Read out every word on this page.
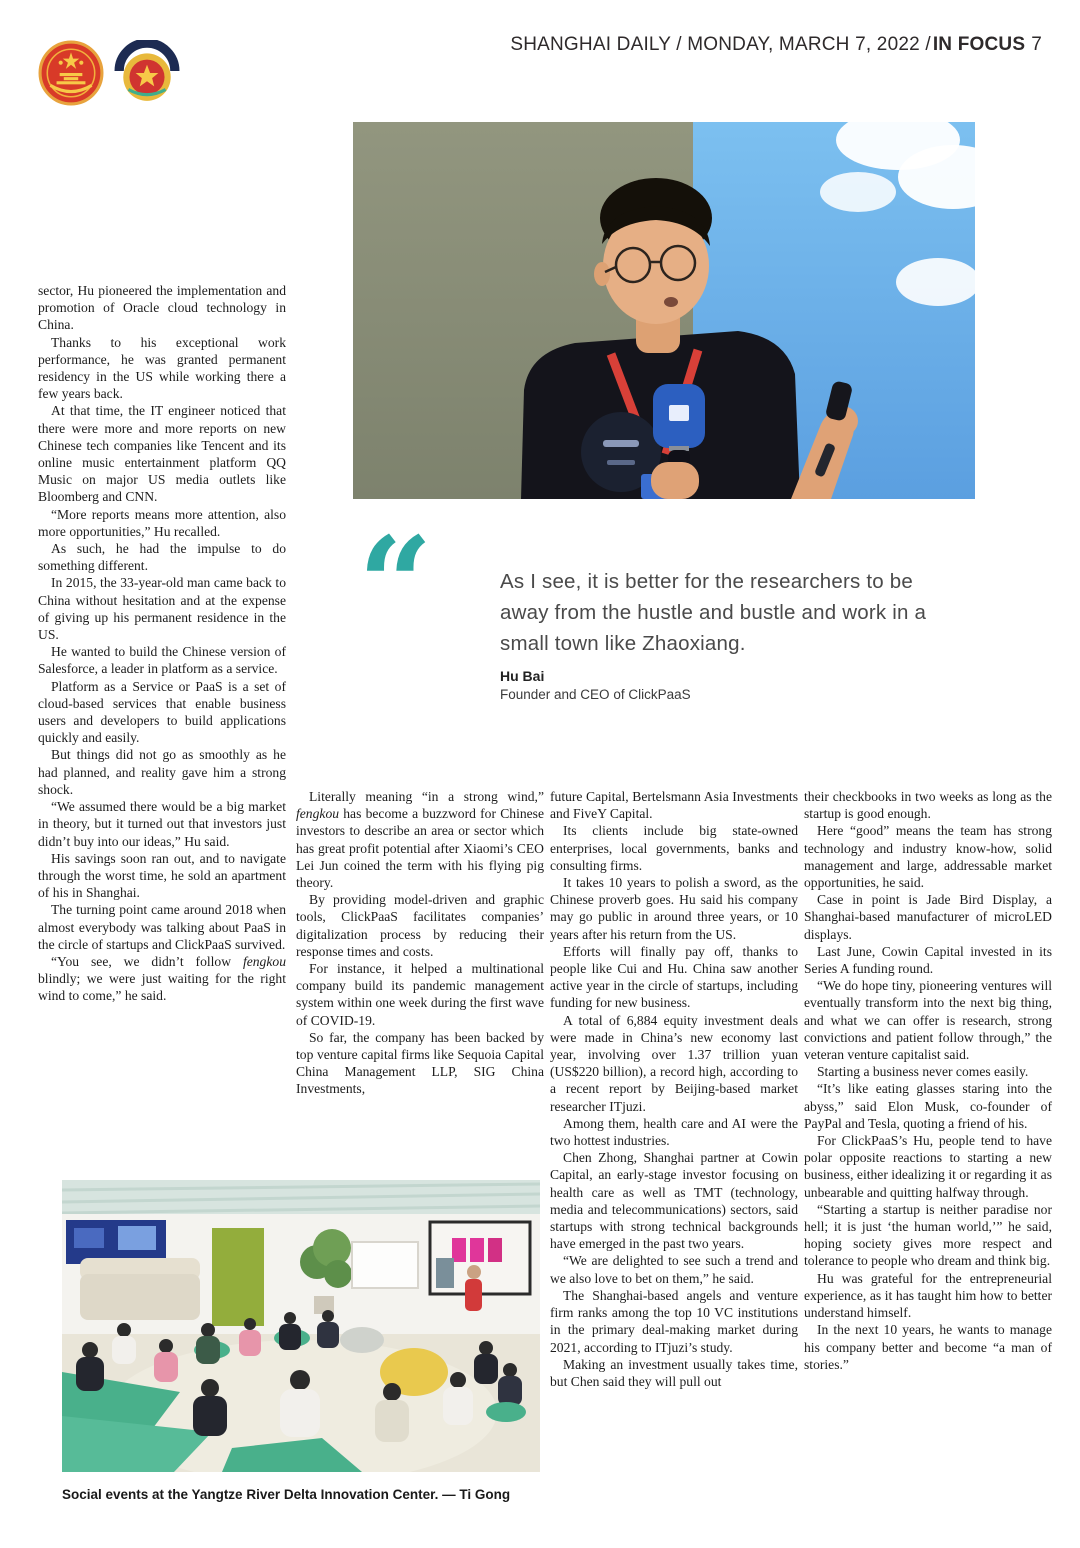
SHANGHAI DAILY / MONDAY, MARCH 7, 2022 / IN FOCUS 7
“	As I see, it is better for the researchers to be away from the hustle and bustle and work in a small town like Zhaoxiang.
Hu Bai
Founder and CEO of ClickPaaS

sector, Hu pioneered the implementation and promotion of Oracle cloud technology in China.

Thanks to his exceptional work performance, he was granted permanent residency in the US while working there a few years back.

At that time, the IT engineer noticed that there were more and more reports on new Chinese tech companies like Tencent and its online music entertainment platform QQ Music on major US media outlets like Bloomberg and CNN.

“More reports means more attention, also more opportunities,” Hu recalled.

As such, he had the impulse to do something different.

In 2015, the 33-year-old man came back to China without hesitation and at the expense of giving up his permanent residence in the US.

He wanted to build the Chinese version of Salesforce, a leader in platform as a service.

Platform as a Service or PaaS is a set of cloud-based services that enable business users and developers to build applications quickly and easily.

But things did not go as smoothly as he had planned, and reality gave him a strong shock.

“We assumed there would be a big market in theory, but it turned out that investors just didn’t buy into our ideas,” Hu said.

His savings soon ran out, and to navigate through the worst time, he sold an apartment of his in Shanghai.

The turning point came around 2018 when almost everybody was talking about PaaS in the circle of startups and ClickPaaS survived.

“You see, we didn’t follow fengkou blindly; we were just waiting for the right wind to come,” he said.

Literally meaning “in a strong wind,” fengkou has become a buzzword for Chinese investors to describe an area or sector which has great profit potential after Xiaomi’s CEO Lei Jun coined the term with his flying pig theory.

By providing model-driven and graphic tools, ClickPaaS facilitates companies’ digitalization process by reducing their response times and costs.

For instance, it helped a multinational company build its pandemic management system within one week during the first wave of COVID-19.

So far, the company has been backed by top venture capital firms like Sequoia Capital China Management LLP, SIG China Investments,

future Capital, Bertelsmann Asia Investments and FiveY Capital.

Its clients include big state-owned enterprises, local governments, banks and consulting firms.

It takes 10 years to polish a sword, as the Chinese proverb goes. Hu said his company may go public in around three years, or 10 years after his return from the US.

Efforts will finally pay off, thanks to people like Cui and Hu. China saw another active year in the circle of startups, including funding for new business.

A total of 6,884 equity investment deals were made in China’s new economy last year, involving over 1.37 trillion yuan (US$220 billion), a record high, according to a recent report by Beijing-based market researcher ITjuzi.

Among them, health care and AI were the two hottest industries.

Chen Zhong, Shanghai partner at Cowin Capital, an early-stage investor focusing on health care as well as TMT (technology, media and telecommunications) sectors, said startups with strong technical backgrounds have emerged in the past two years.

“We are delighted to see such a trend and we also love to bet on them,” he said.

The Shanghai-based angels and venture firm ranks among the top 10 VC institutions in the primary deal-making market during 2021, according to ITjuzi’s study.

Making an investment usually takes time, but Chen said they will pull out

their checkbooks in two weeks as long as the startup is good enough.

Here “good” means the team has strong technology and industry know-how, solid management and large, addressable market opportunities, he said.

Case in point is Jade Bird Display, a Shanghai-based manufacturer of microLED displays.

Last June, Cowin Capital invested in its Series A funding round.

“We do hope tiny, pioneering ventures will eventually transform into the next big thing, and what we can offer is research, strong convictions and patient follow through,” the veteran venture capitalist said.

Starting a business never comes easily.

“It’s like eating glasses staring into the abyss,” said Elon Musk, co-founder of PayPal and Tesla, quoting a friend of his.

For ClickPaaS’s Hu, people tend to have polar opposite reactions to starting a new business, either idealizing it or regarding it as unbearable and quitting halfway through.

“Starting a startup is neither paradise nor hell; it is just ‘the human world,’” he said, hoping society gives more respect and tolerance to people who dream and think big.

Hu was grateful for the entrepreneurial experience, as it has taught him how to better understand himself.

In the next 10 years, he wants to manage his company better and become “a man of stories.”

Social events at the Yangtze River Delta Innovation Center. — Ti Gong
